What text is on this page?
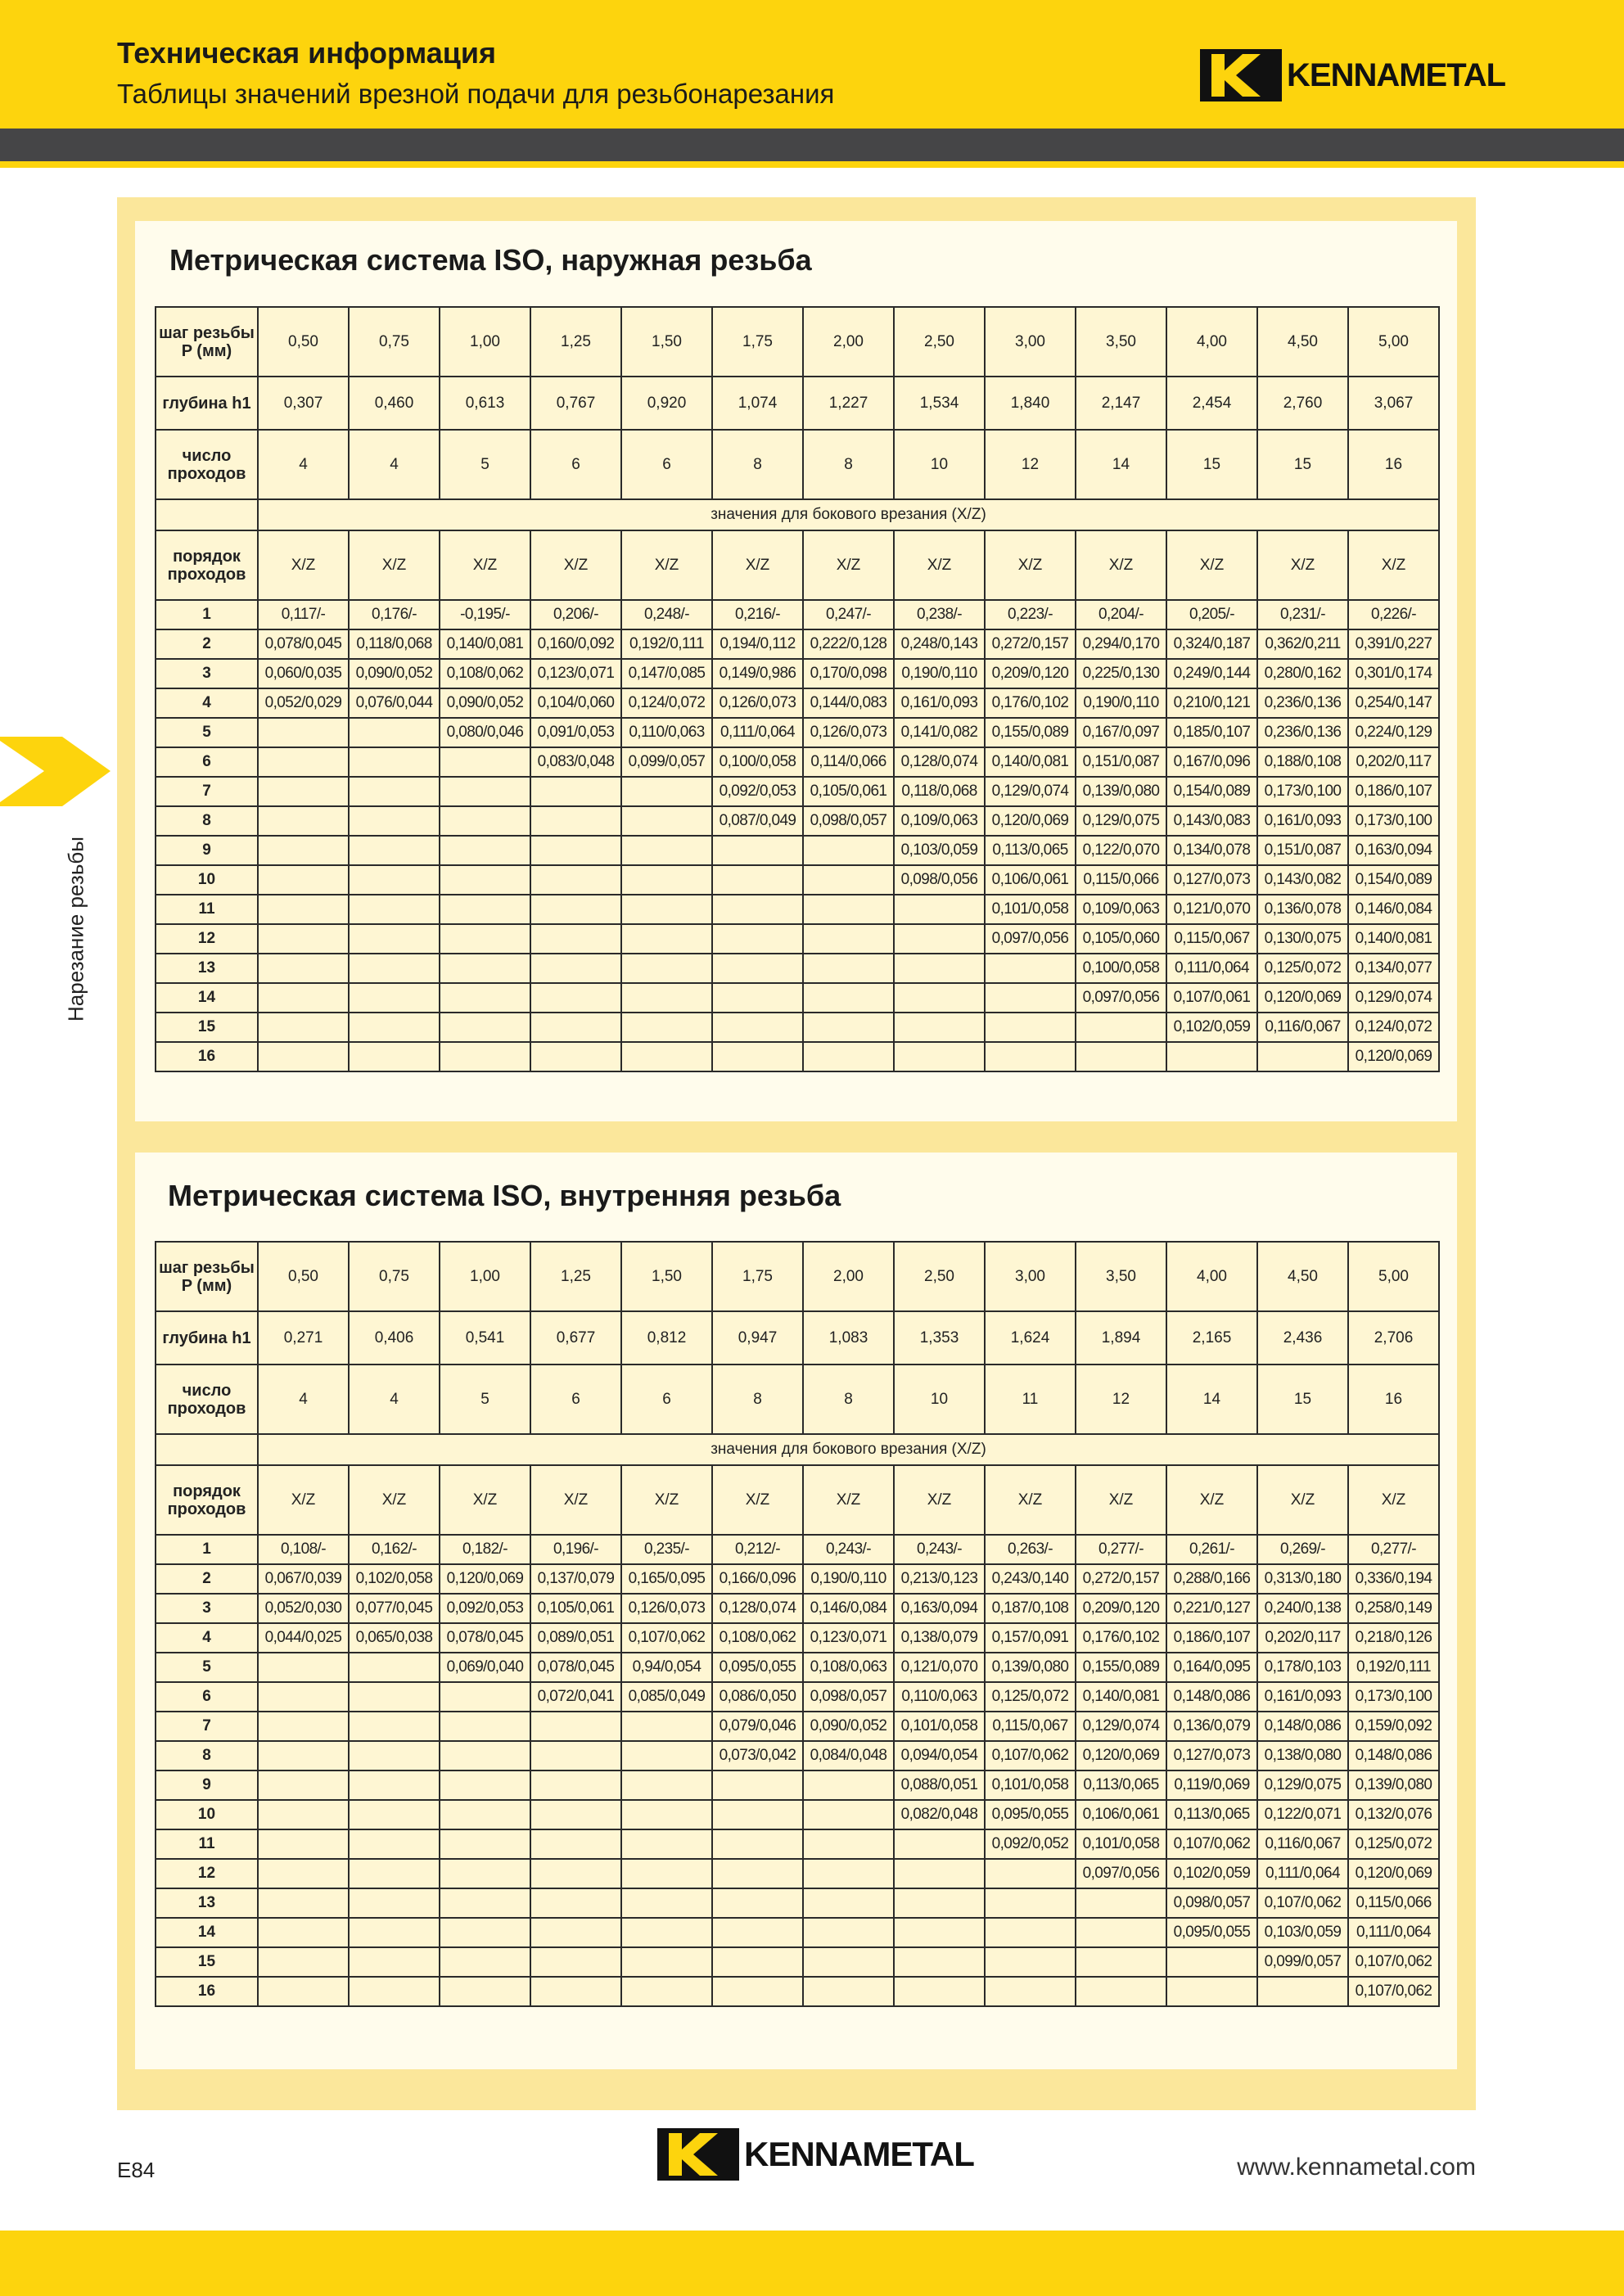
Техническая информация
Таблицы значений врезной подачи для резьбонарезания
KENNAMETAL
Нарезание резьбы
Метрическая система ISO, наружная резьба
Метрическая система ISO, внутренняя резьба
шаг резьбы P (мм)	0,50	0,75	1,00	1,25	1,50	1,75	2,00	2,50	3,00	3,50	4,00	4,50	5,00
глубина h1	0,307	0,460	0,613	0,767	0,920	1,074	1,227	1,534	1,840	2,147	2,454	2,760	3,067
число проходов	4	4	5	6	6	8	8	10	12	14	15	15	16
	значения для бокового врезания (X/Z)												
порядок проходов	X/Z	X/Z	X/Z	X/Z	X/Z	X/Z	X/Z	X/Z	X/Z	X/Z	X/Z	X/Z	X/Z
1	0,117/-	0,176/-	-0,195/-	0,206/-	0,248/-	0,216/-	0,247/-	0,238/-	0,223/-	0,204/-	0,205/-	0,231/-	0,226/-
2	0,078/0,045	0,118/0,068	0,140/0,081	0,160/0,092	0,192/0,111	0,194/0,112	0,222/0,128	0,248/0,143	0,272/0,157	0,294/0,170	0,324/0,187	0,362/0,211	0,391/0,227
3	0,060/0,035	0,090/0,052	0,108/0,062	0,123/0,071	0,147/0,085	0,149/0,986	0,170/0,098	0,190/0,110	0,209/0,120	0,225/0,130	0,249/0,144	0,280/0,162	0,301/0,174
4	0,052/0,029	0,076/0,044	0,090/0,052	0,104/0,060	0,124/0,072	0,126/0,073	0,144/0,083	0,161/0,093	0,176/0,102	0,190/0,110	0,210/0,121	0,236/0,136	0,254/0,147
5			0,080/0,046	0,091/0,053	0,110/0,063	0,111/0,064	0,126/0,073	0,141/0,082	0,155/0,089	0,167/0,097	0,185/0,107	0,236/0,136	0,224/0,129
6				0,083/0,048	0,099/0,057	0,100/0,058	0,114/0,066	0,128/0,074	0,140/0,081	0,151/0,087	0,167/0,096	0,188/0,108	0,202/0,117
7						0,092/0,053	0,105/0,061	0,118/0,068	0,129/0,074	0,139/0,080	0,154/0,089	0,173/0,100	0,186/0,107
8						0,087/0,049	0,098/0,057	0,109/0,063	0,120/0,069	0,129/0,075	0,143/0,083	0,161/0,093	0,173/0,100
9								0,103/0,059	0,113/0,065	0,122/0,070	0,134/0,078	0,151/0,087	0,163/0,094
10								0,098/0,056	0,106/0,061	0,115/0,066	0,127/0,073	0,143/0,082	0,154/0,089
11									0,101/0,058	0,109/0,063	0,121/0,070	0,136/0,078	0,146/0,084
12									0,097/0,056	0,105/0,060	0,115/0,067	0,130/0,075	0,140/0,081
13										0,100/0,058	0,111/0,064	0,125/0,072	0,134/0,077
14										0,097/0,056	0,107/0,061	0,120/0,069	0,129/0,074
15											0,102/0,059	0,116/0,067	0,124/0,072
16													0,120/0,069
шаг резьбы P (мм)	0,50	0,75	1,00	1,25	1,50	1,75	2,00	2,50	3,00	3,50	4,00	4,50	5,00
глубина h1	0,271	0,406	0,541	0,677	0,812	0,947	1,083	1,353	1,624	1,894	2,165	2,436	2,706
число проходов	4	4	5	6	6	8	8	10	11	12	14	15	16
	значения для бокового врезания (X/Z)												
порядок проходов	X/Z	X/Z	X/Z	X/Z	X/Z	X/Z	X/Z	X/Z	X/Z	X/Z	X/Z	X/Z	X/Z
1	0,108/-	0,162/-	0,182/-	0,196/-	0,235/-	0,212/-	0,243/-	0,243/-	0,263/-	0,277/-	0,261/-	0,269/-	0,277/-
2	0,067/0,039	0,102/0,058	0,120/0,069	0,137/0,079	0,165/0,095	0,166/0,096	0,190/0,110	0,213/0,123	0,243/0,140	0,272/0,157	0,288/0,166	0,313/0,180	0,336/0,194
3	0,052/0,030	0,077/0,045	0,092/0,053	0,105/0,061	0,126/0,073	0,128/0,074	0,146/0,084	0,163/0,094	0,187/0,108	0,209/0,120	0,221/0,127	0,240/0,138	0,258/0,149
4	0,044/0,025	0,065/0,038	0,078/0,045	0,089/0,051	0,107/0,062	0,108/0,062	0,123/0,071	0,138/0,079	0,157/0,091	0,176/0,102	0,186/0,107	0,202/0,117	0,218/0,126
5			0,069/0,040	0,078/0,045	0,94/0,054	0,095/0,055	0,108/0,063	0,121/0,070	0,139/0,080	0,155/0,089	0,164/0,095	0,178/0,103	0,192/0,111
6				0,072/0,041	0,085/0,049	0,086/0,050	0,098/0,057	0,110/0,063	0,125/0,072	0,140/0,081	0,148/0,086	0,161/0,093	0,173/0,100
7						0,079/0,046	0,090/0,052	0,101/0,058	0,115/0,067	0,129/0,074	0,136/0,079	0,148/0,086	0,159/0,092
8						0,073/0,042	0,084/0,048	0,094/0,054	0,107/0,062	0,120/0,069	0,127/0,073	0,138/0,080	0,148/0,086
9								0,088/0,051	0,101/0,058	0,113/0,065	0,119/0,069	0,129/0,075	0,139/0,080
10								0,082/0,048	0,095/0,055	0,106/0,061	0,113/0,065	0,122/0,071	0,132/0,076
11									0,092/0,052	0,101/0,058	0,107/0,062	0,116/0,067	0,125/0,072
12										0,097/0,056	0,102/0,059	0,111/0,064	0,120/0,069
13											0,098/0,057	0,107/0,062	0,115/0,066
14											0,095/0,055	0,103/0,059	0,111/0,064
15												0,099/0,057	0,107/0,062
16													0,107/0,062
E84	KENNAMETAL	www.kennametal.com
